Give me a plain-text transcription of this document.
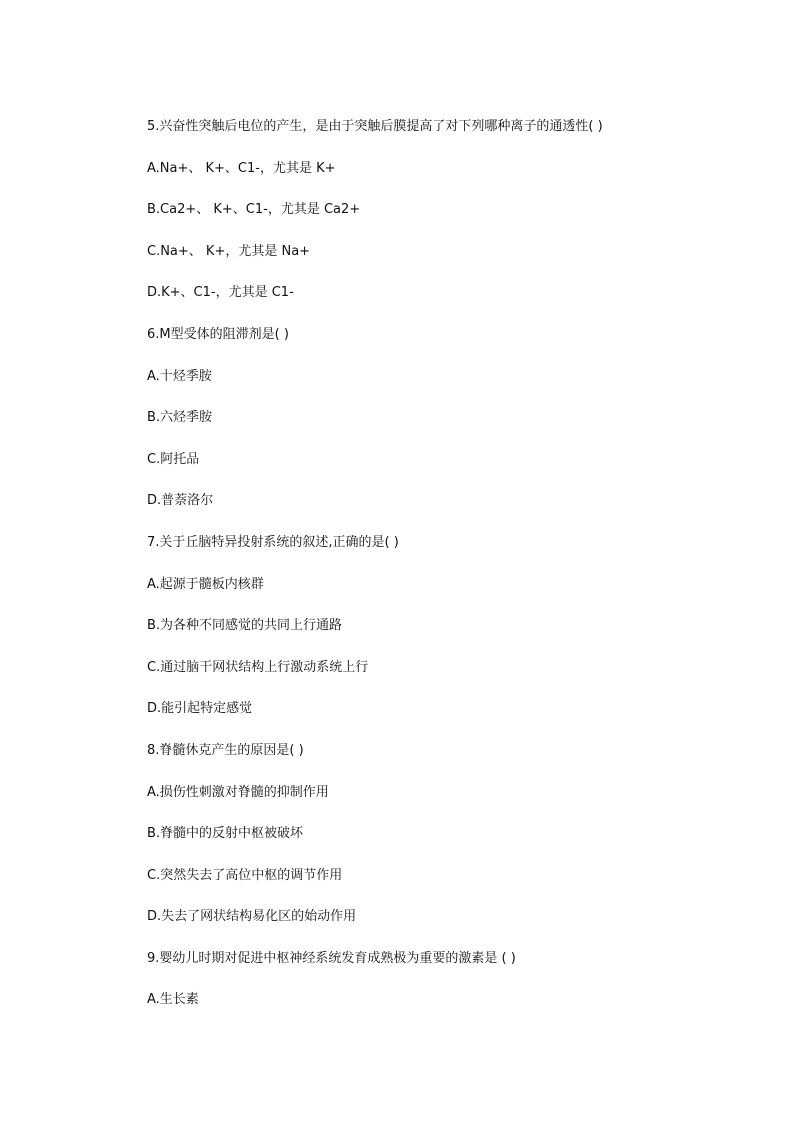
5.兴奋性突触后电位的产生，是由于突触后膜提高了对下列哪种离子的通透性( )
A.Na+、 K+、C1-，尤其是 K+
B.Ca2+、 K+、C1-，尤其是 Ca2+
C.Na+、 K+，尤其是 Na+
D.K+、C1-，尤其是 C1-
6.M型受体的阻滞剂是( )
A.十烃季胺
B.六烃季胺
C.阿托品
D.普萘洛尔
7.关于丘脑特异投射系统的叙述,正确的是( )
A.起源于髓板内核群
B.为各种不同感觉的共同上行通路
C.通过脑干网状结构上行激动系统上行
D.能引起特定感觉
8.脊髓休克产生的原因是( )
A.损伤性刺激对脊髓的抑制作用
B.脊髓中的反射中枢被破坏
C.突然失去了高位中枢的调节作用
D.失去了网状结构易化区的始动作用
9.婴幼儿时期对促进中枢神经系统发育成熟极为重要的激素是 ( )
A.生长素
